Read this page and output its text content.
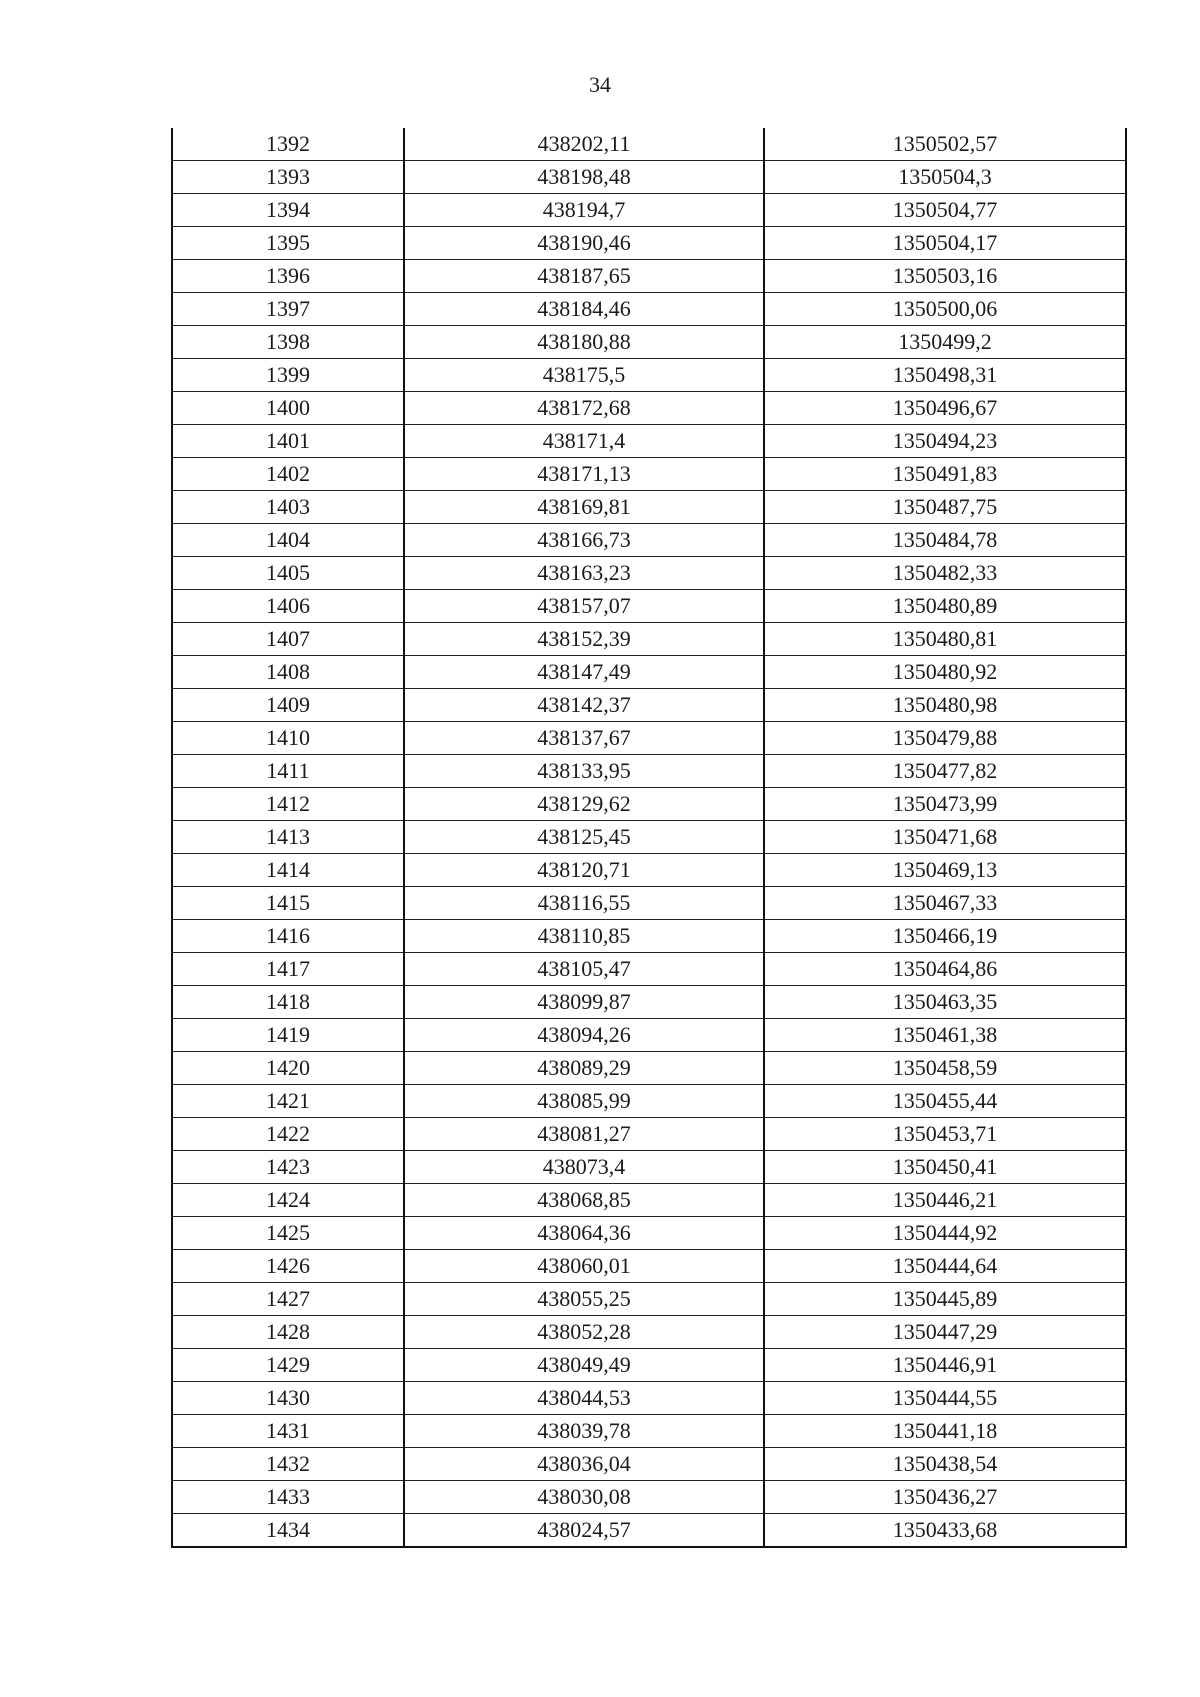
34
1392	438202,11	1350502,57
1393	438198,48	1350504,3
1394	438194,7	1350504,77
1395	438190,46	1350504,17
1396	438187,65	1350503,16
1397	438184,46	1350500,06
1398	438180,88	1350499,2
1399	438175,5	1350498,31
1400	438172,68	1350496,67
1401	438171,4	1350494,23
1402	438171,13	1350491,83
1403	438169,81	1350487,75
1404	438166,73	1350484,78
1405	438163,23	1350482,33
1406	438157,07	1350480,89
1407	438152,39	1350480,81
1408	438147,49	1350480,92
1409	438142,37	1350480,98
1410	438137,67	1350479,88
1411	438133,95	1350477,82
1412	438129,62	1350473,99
1413	438125,45	1350471,68
1414	438120,71	1350469,13
1415	438116,55	1350467,33
1416	438110,85	1350466,19
1417	438105,47	1350464,86
1418	438099,87	1350463,35
1419	438094,26	1350461,38
1420	438089,29	1350458,59
1421	438085,99	1350455,44
1422	438081,27	1350453,71
1423	438073,4	1350450,41
1424	438068,85	1350446,21
1425	438064,36	1350444,92
1426	438060,01	1350444,64
1427	438055,25	1350445,89
1428	438052,28	1350447,29
1429	438049,49	1350446,91
1430	438044,53	1350444,55
1431	438039,78	1350441,18
1432	438036,04	1350438,54
1433	438030,08	1350436,27
1434	438024,57	1350433,68
